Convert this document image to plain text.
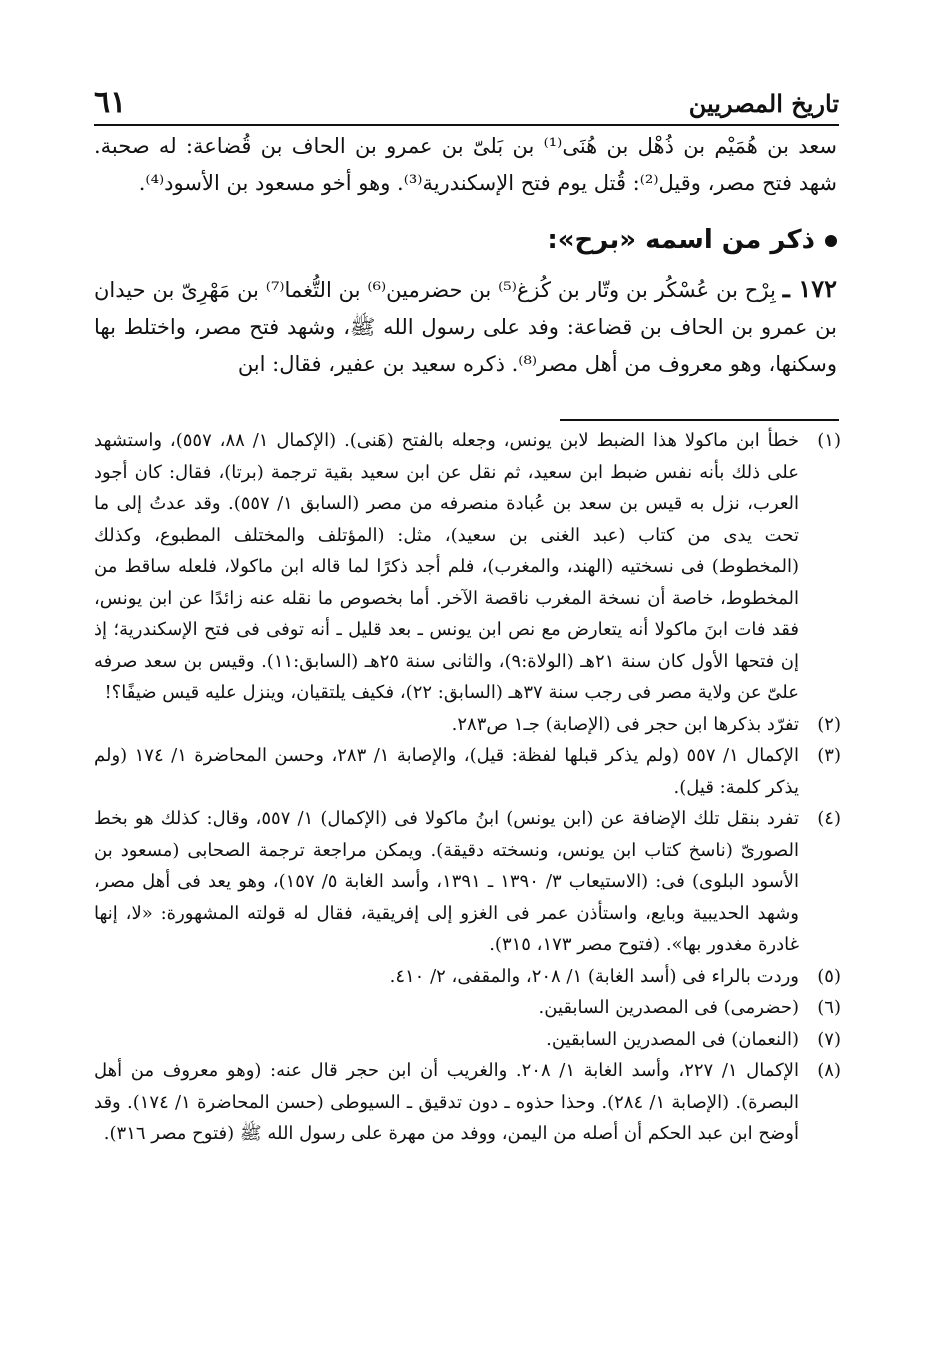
تاريخ المصريين
٦١

سعد بن هُمَيْم بن ذُهْل بن هُنَى⁽¹⁾ بن بَلىّ بن عمرو بن الحاف بن قُضاعة: له صحبة. شهد فتح مصر، وقيل⁽²⁾: قُتل يوم فتح الإسكندرية⁽³⁾. وهو أخو مسعود بن الأسود⁽⁴⁾.

ذكر من اسمه «برح»:

١٧٢ ـ بِرْح بن عُسْكُر بن وتّار بن كُزغ⁽⁵⁾ بن حضرمين⁽⁶⁾ بن التُّغما⁽⁷⁾ بن مَهْرِىّ بن حيدان بن عمرو بن الحاف بن قضاعة: وفد على رسول الله ﷺ، وشهد فتح مصر، واختلط بها وسكنها، وهو معروف من أهل مصر⁽⁸⁾. ذكره سعيد بن عفير، فقال: ابن

(١)
خطأ ابن ماكولا هذا الضبط لابن يونس، وجعله بالفتح (هَنى). (الإكمال ١/ ٨٨، ٥٥٧)، واستشهد على ذلك بأنه نفس ضبط ابن سعيد، ثم نقل عن ابن سعيد بقية ترجمة (برتا)، فقال: كان أجود العرب، نزل به قيس بن سعد بن عُبادة منصرفه من مصر (السابق ١/ ٥٥٧). وقد عدتُ إلى ما تحت يدى من كتاب (عبد الغنى بن سعيد)، مثل: (المؤتلف والمختلف المطبوع، وكذلك (المخطوط) فى نسختيه (الهند، والمغرب)، فلم أجد ذكرًا لما قاله ابن ماكولا، فلعله ساقط من المخطوط، خاصة أن نسخة المغرب ناقصة الآخر. أما بخصوص ما نقله عنه زائدًا عن ابن يونس، فقد فات ابنَ ماكولا أنه يتعارض مع نص ابن يونس ـ بعد قليل ـ أنه توفى فى فتح الإسكندرية؛ إذ إن فتحها الأول كان سنة ٢١هـ (الولاة:٩)، والثانى سنة ٢٥هـ (السابق:١١). وقيس بن سعد صرفه علىّ عن ولاية مصر فى رجب سنة ٣٧هـ (السابق: ٢٢)، فكيف يلتقيان، وينزل عليه قيس ضيفًا؟!

(٢)
تفرّد بذكرها ابن حجر فى (الإصابة) جـ١ ص٢٨٣.

(٣)
الإكمال ١/ ٥٥٧ (ولم يذكر قبلها لفظة: قيل)، والإصابة ١/ ٢٨٣، وحسن المحاضرة ١/ ١٧٤ (ولم يذكر كلمة: قيل).

(٤)
تفرد بنقل تلك الإضافة عن (ابن يونس) ابنُ ماكولا فى (الإكمال) ١/ ٥٥٧، وقال: كذلك هو بخط الصورىّ (ناسخ كتاب ابن يونس، ونسخته دقيقة). ويمكن مراجعة ترجمة الصحابى (مسعود بن الأسود البلوى) فى: (الاستيعاب ٣/ ١٣٩٠ ـ ١٣٩١، وأسد الغابة ٥/ ١٥٧)، وهو يعد فى أهل مصر، وشهد الحديبية وبايع، واستأذن عمر فى الغزو إلى إفريقية، فقال له قولته المشهورة: «لا، إنها غادرة مغدور بها». (فتوح مصر ١٧٣، ٣١٥).

(٥)
وردت بالراء فى (أسد الغابة) ١/ ٢٠٨، والمقفى، ٢/ ٤١٠.

(٦)
(حضرمى) فى المصدرين السابقين.

(٧)
(النعمان) فى المصدرين السابقين.

(٨)
الإكمال ١/ ٢٢٧، وأسد الغابة ١/ ٢٠٨. والغريب أن ابن حجر قال عنه: (وهو معروف من أهل البصرة). (الإصابة ١/ ٢٨٤). وحذا حذوه ـ دون تدقيق ـ السيوطى (حسن المحاضرة ١/ ١٧٤). وقد أوضح ابن عبد الحكم أن أصله من اليمن، ووفد من مهرة على رسول الله ﷺ (فتوح مصر ٣١٦).
